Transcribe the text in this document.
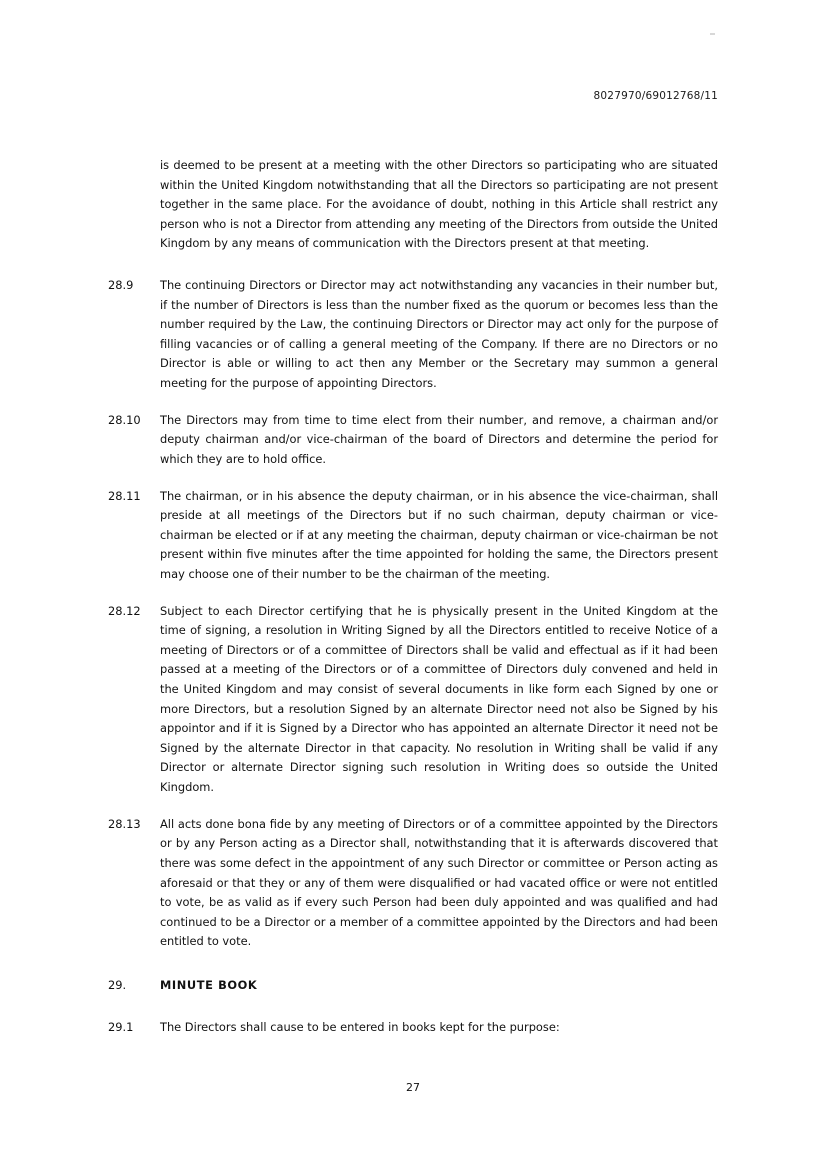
8027970/69012768/11
is deemed to be present at a meeting with the other Directors so participating who are situated within the United Kingdom notwithstanding that all the Directors so participating are not present together in the same place. For the avoidance of doubt, nothing in this Article shall restrict any person who is not a Director from attending any meeting of the Directors from outside the United Kingdom by any means of communication with the Directors present at that meeting.
28.9	The continuing Directors or Director may act notwithstanding any vacancies in their number but, if the number of Directors is less than the number fixed as the quorum or becomes less than the number required by the Law, the continuing Directors or Director may act only for the purpose of filling vacancies or of calling a general meeting of the Company. If there are no Directors or no Director is able or willing to act then any Member or the Secretary may summon a general meeting for the purpose of appointing Directors.
28.10	The Directors may from time to time elect from their number, and remove, a chairman and/or deputy chairman and/or vice-chairman of the board of Directors and determine the period for which they are to hold office.
28.11	The chairman, or in his absence the deputy chairman, or in his absence the vice-chairman, shall preside at all meetings of the Directors but if no such chairman, deputy chairman or vice-chairman be elected or if at any meeting the chairman, deputy chairman or vice-chairman be not present within five minutes after the time appointed for holding the same, the Directors present may choose one of their number to be the chairman of the meeting.
28.12	Subject to each Director certifying that he is physically present in the United Kingdom at the time of signing, a resolution in Writing Signed by all the Directors entitled to receive Notice of a meeting of Directors or of a committee of Directors shall be valid and effectual as if it had been passed at a meeting of the Directors or of a committee of Directors duly convened and held in the United Kingdom and may consist of several documents in like form each Signed by one or more Directors, but a resolution Signed by an alternate Director need not also be Signed by his appointor and if it is Signed by a Director who has appointed an alternate Director it need not be Signed by the alternate Director in that capacity. No resolution in Writing shall be valid if any Director or alternate Director signing such resolution in Writing does so outside the United Kingdom.
28.13	All acts done bona fide by any meeting of Directors or of a committee appointed by the Directors or by any Person acting as a Director shall, notwithstanding that it is afterwards discovered that there was some defect in the appointment of any such Director or committee or Person acting as aforesaid or that they or any of them were disqualified or had vacated office or were not entitled to vote, be as valid as if every such Person had been duly appointed and was qualified and had continued to be a Director or a member of a committee appointed by the Directors and had been entitled to vote.
29.	MINUTE BOOK
29.1	The Directors shall cause to be entered in books kept for the purpose:
27
